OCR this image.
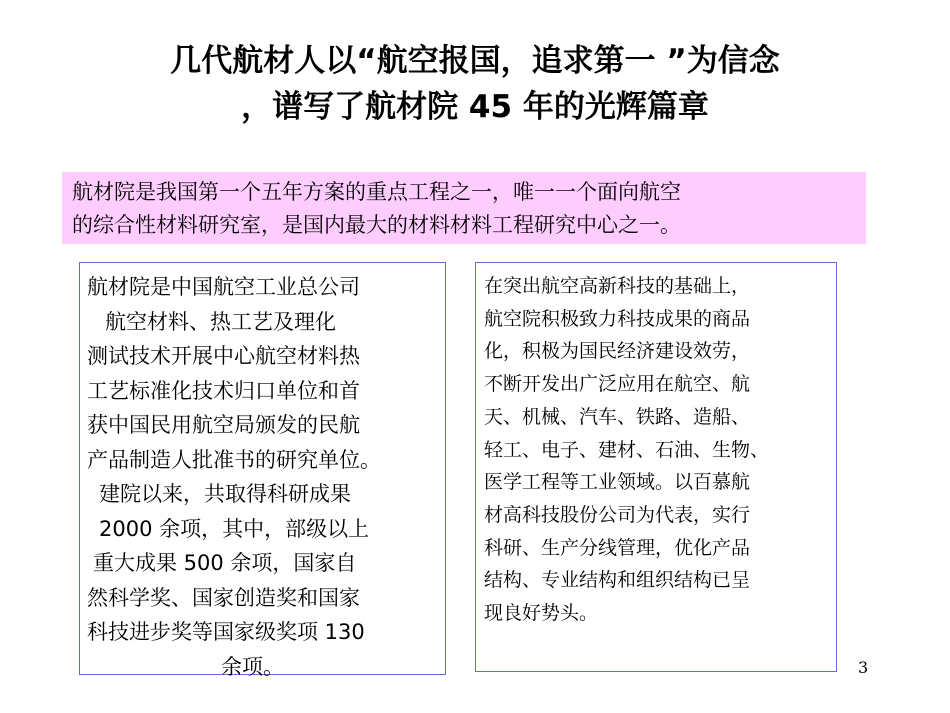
几代航材人以“航空报国，追求第一 ”为信念
，谱写了航材院 45 年的光辉篇章
航材院是我国第一个五年方案的重点工程之一，唯一一个面向航空
的综合性材料研究室，是国内最大的材料材料工程研究中心之一。
航材院是中国航空工业总公司
航空材料、热工艺及理化
测试技术开展中心航空材料热
工艺标准化技术归口单位和首
获中国民用航空局颁发的民航
产品制造人批准书的研究单位。
建院以来，共取得科研成果
2000 余项，其中，部级以上
重大成果 500 余项，国家自
然科学奖、国家创造奖和国家
科技进步奖等国家级奖项 130
余项。
在突出航空高新科技的基础上，
航空院积极致力科技成果的商品
化，积极为国民经济建设效劳，
不断开发出广泛应用在航空、航
天、机械、汽车、铁路、造船、
轻工、电子、建材、石油、生物、
医学工程等工业领域。以百慕航
材高科技股份公司为代表，实行
科研、生产分线管理，优化产品
结构、专业结构和组织结构已呈
现良好势头。
3
